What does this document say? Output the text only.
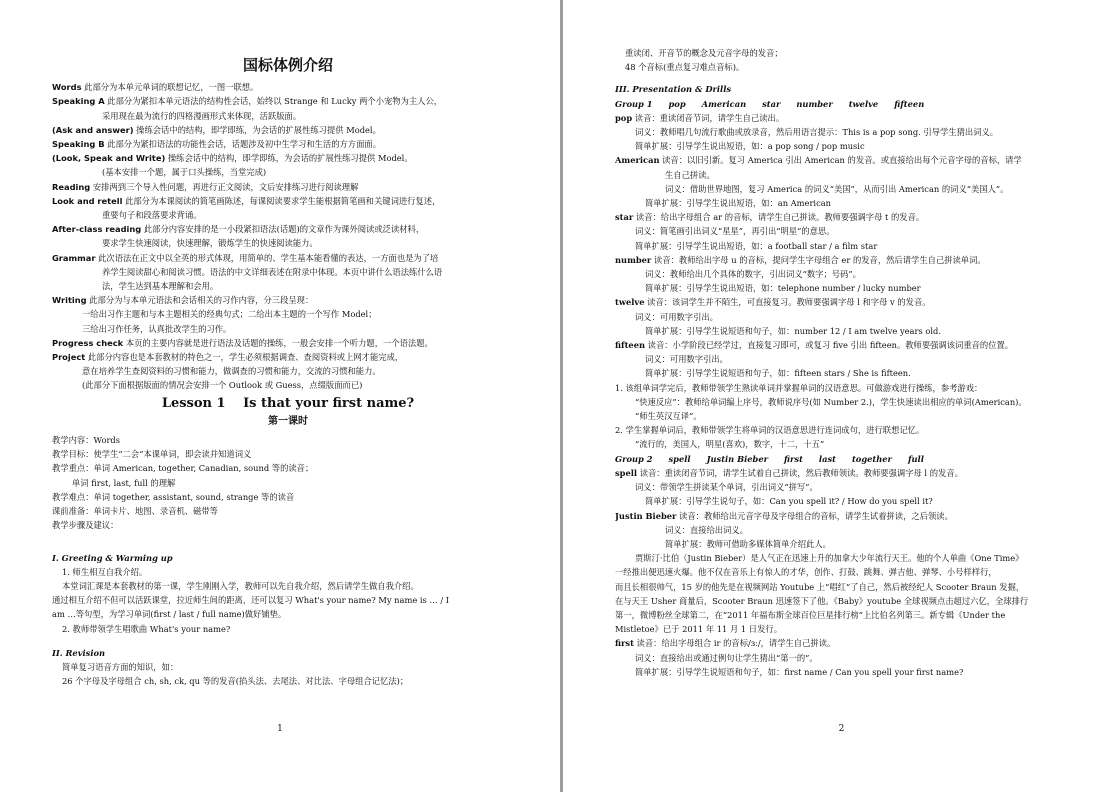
国标体例介绍
Words 此部分为本单元单词的联想记忆，一图一联想。
Speaking A 此部分为紧扣本单元语法的结构性会话，始终以 Strange 和 Lucky 两个小宠物为主人公，
采用现在最为流行的四格漫画形式来体现，活跃版面。
(Ask and answer) 操练会话中的结构，即学即练，为会话的扩展性练习提供 Model。
Speaking B 此部分为紧扣语法的功能性会话，话题涉及初中生学习和生活的方方面面。
(Look, Speak and Write) 操练会话中的结构，即学即练，为会话的扩展性练习提供 Model。
(基本安排一个题，属于口头操练，当堂完成)
Reading 安排两到三个导入性问题，再进行正文阅读，文后安排练习进行阅读理解
Look and retell 此部分为本课阅读的简笔画陈述，每课阅读要求学生能根据简笔画和关键词进行复述，
重要句子和段落要求背诵。
After-class reading 此部分内容安排的是一小段紧扣语法(话题)的文章作为课外阅读或泛读材料，
要求学生快速阅读，快速理解，锻炼学生的快速阅读能力。
Grammar 此次语法在正文中以全英的形式体现，用简单的、学生基本能看懂的表达，一方面也是为了培
养学生阅读甜心和阅读习惯。语法的中文详细表述在附录中体现。本页中讲什么语法练什么语
法，学生达到基本理解和会用。
Writing 此部分为与本单元语法和会话相关的习作内容，分三段呈现：
一给出习作主题和与本主题相关的经典句式；二给出本主题的一个写作 Model；
三给出习作任务，认真批改学生的习作。
Progress check 本页的主要内容就是进行语法及话题的操练，一般会安排一个听力题，一个语法题。
Project 此部分内容也是本套教材的特色之一，学生必须根据调查、查阅资料或上网才能完成，
意在培养学生查阅资料的习惯和能力，做调查的习惯和能力，交流的习惯和能力。
(此部分下面根据版面的情况会安排一个 Outlook 或 Guess，点缀版面而已)
Lesson 1　 Is that your first name?
第一课时
教学内容：Words
教学目标：使学生“二会”本课单词，即会读并知道词义
教学重点：单词 American, together, Canadian, sound 等的读音；
单词 first, last, full 的理解
教学难点：单词 together, assistant, sound, strange 等的读音
课前准备：单词卡片、地图、录音机、磁带等
教学步骤及建议：
I. Greeting & Warming up
1. 师生相互自我介绍。
本堂词汇课是本套教材的第一课，学生刚刚入学，教师可以先自我介绍，然后请学生做自我介绍。
通过相互介绍不但可以活跃课堂，拉近师生间的距离，还可以复习 What's your name? My name is … / I
am …等句型，为学习单词(first / last / full name)做好铺垫。
2. 教师带领学生唱歌曲 What's your name?
II. Revision
简单复习语音方面的知识，如：
26 个字母及字母组合 ch, sh, ck, qu 等的发音(掐头法、去尾法、对比法、字母组合记忆法)；
1
重读闭、开音节的概念及元音字母的发音；
48 个音标(重点复习难点音标)。
III. Presentation & Drills
Group 1 pop American star number twelve fifteen
pop 读音：重读闭音节词，请学生自己读出。
词义：教师唱几句流行歌曲或放录音，然后用语言提示：This is a pop song. 引导学生猜出词义。
简单扩展：引导学生说出短语，如：a pop song / pop music
American 读音：以旧引新。复习 America 引出 American 的发音。或直接给出每个元音字母的音标，请学
生自己拼读。
词义：借助世界地图，复习 America 的词义“美国”，从而引出 American 的词义“美国人”。
简单扩展：引导学生说出短语，如：an American
star 读音：给出字母组合 ar 的音标，请学生自己拼读。教师要强调字母 t 的发音。
词义：简笔画引出词义“星星”，再引出“明星”的意思。
简单扩展：引导学生说出短语，如：a football star / a film star
number 读音：教师给出字母 u 的音标，提问学生字母组合 er 的发音，然后请学生自己拼读单词。
词义：教师给出几个具体的数字，引出词义“数字；号码”。
简单扩展：引导学生说出短语，如：telephone number / lucky number
twelve 读音：该词学生并不陌生，可直接复习。教师要强调字母 l 和字母 v 的发音。
词义：可用数字引出。
简单扩展：引导学生说短语和句子，如：number 12 / I am twelve years old.
fifteen 读音：小学阶段已经学过，直接复习即可，或复习 five 引出 fifteen。教师要强调该词重音的位置。
词义：可用数字引出。
简单扩展：引导学生说短语和句子，如：fifteen stars / She is fifteen.
1. 该组单词学完后，教师带领学生熟读单词并掌握单词的汉语意思。可做游戏进行操练，参考游戏：
“快速反应”：教师给单词编上序号，教师说序号(如 Number 2.)，学生快速读出相应的单词(American)。
“师生英汉互译”。
2. 学生掌握单词后，教师带领学生将单词的汉语意思进行连词成句，进行联想记忆。
“流行的，美国人，明星(喜欢)，数字，十二，十五”
Group 2 spell Justin Bieber first last together full
spell 读音：重读闭音节词，请学生试着自己拼读，然后教师领读。教师要强调字母 l 的发音。
词义：带领学生拼读某个单词，引出词义“拼写”。
简单扩展：引导学生说句子，如：Can you spell it? / How do you spell it?
Justin Bieber 读音：教师给出元音字母及字母组合的音标，请学生试着拼读，之后领读。
词义：直接给出词义。
简单扩展：教师可借助多媒体简单介绍此人。
贾斯汀·比伯（Justin Bieber）是人气正在迅速上升的加拿大少年流行天王。他的个人单曲《One Time》
一经推出便迅速火爆。他不仅在音乐上有惊人的才华，创作、打鼓、跳舞、弹吉他、弹琴、小号样样行，
而且长相很帅气，15 岁的他先是在视频网站 Youtube 上“唱红”了自己，然后被经纪人 Scooter Braun 发掘，
在与天王 Usher 商量后，Scooter Braun 迅速签下了他。《Baby》youtube 全球视频点击超过六亿，全球排行
第一，微博粉丝全球第二，在“2011 年福布斯全球百位巨星排行榜”上比伯名列第三。新专辑《Under the
Mistletoe》已于 2011 年 11 月 1 日发行。
first 读音：给出字母组合 ir 的音标/ɜː/，请学生自己拼读。
词义：直接给出或通过例句让学生猜出“第一的”。
简单扩展：引导学生说短语和句子，如：first name / Can you spell your first name?
2
